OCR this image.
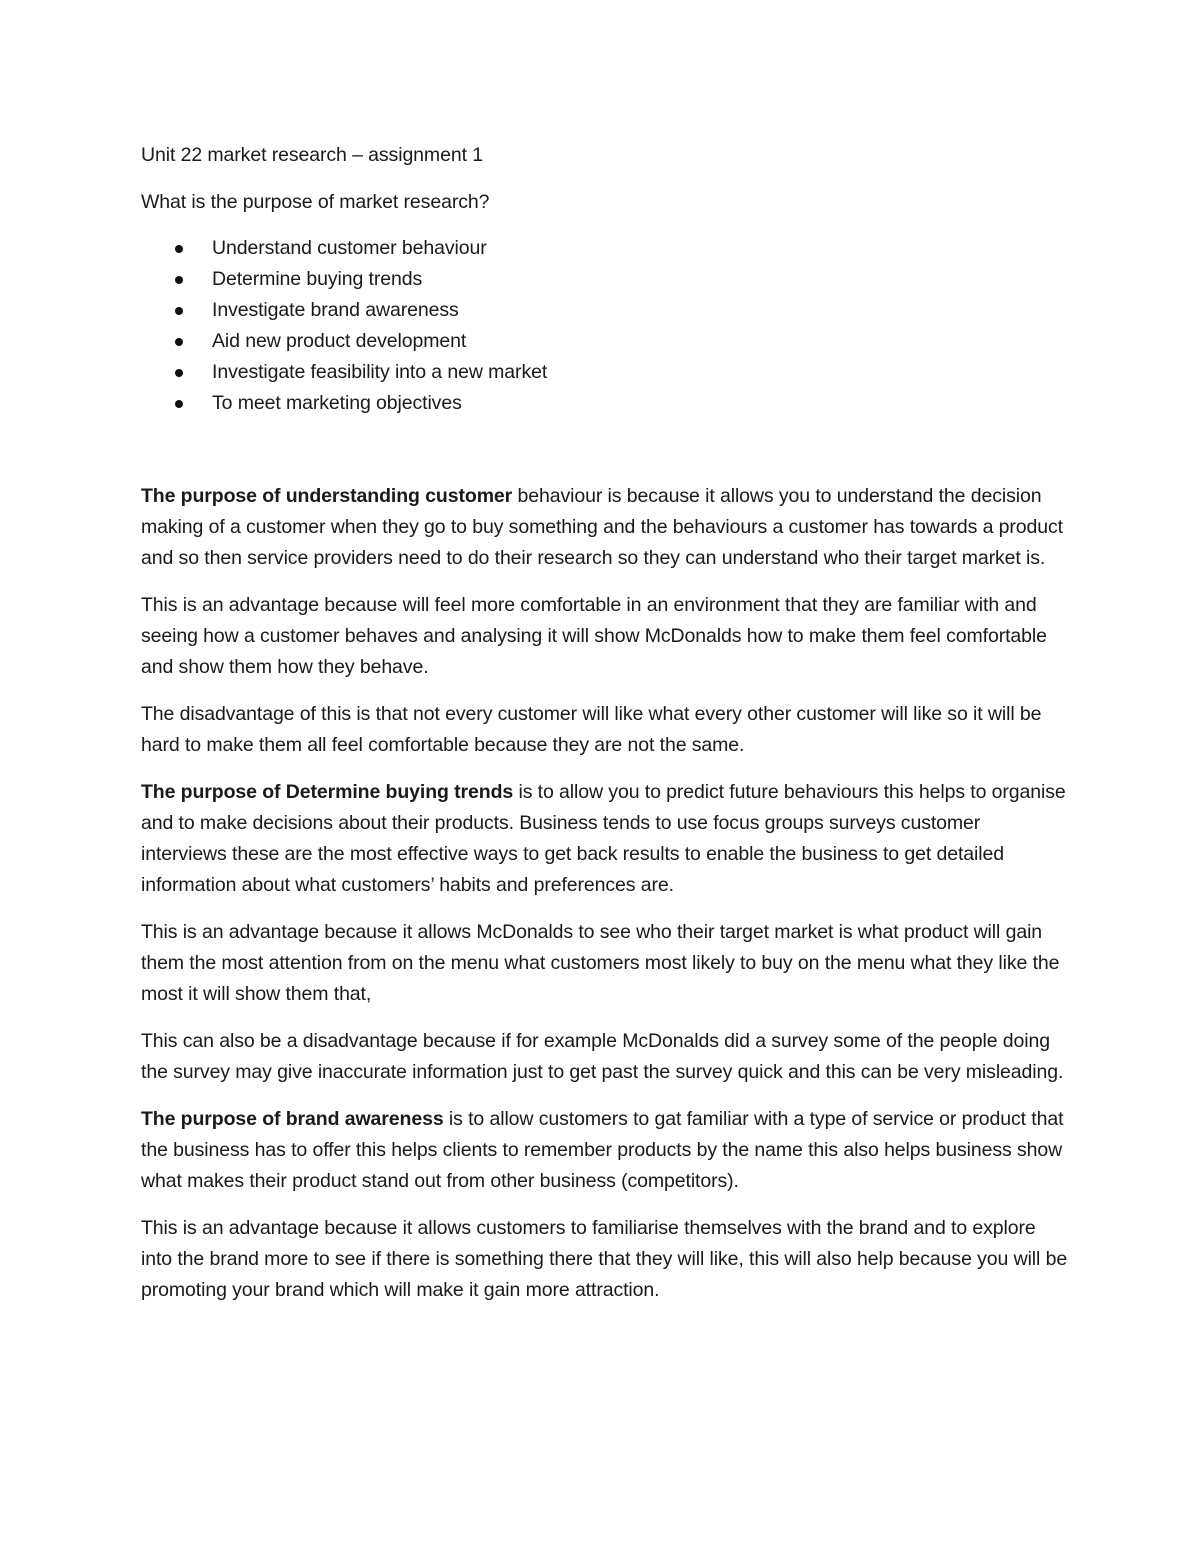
Unit 22 market research – assignment 1

What is the purpose of market research?

Understand customer behaviour
Determine buying trends
Investigate brand awareness
Aid new product development
Investigate feasibility into a new market
To meet marketing objectives

The purpose of understanding customer behaviour is because it allows you to understand the decision making of a customer when they go to buy something and the behaviours a customer has towards a product and so then service providers need to do their research so they can understand who their target market is.

This is an advantage because will feel more comfortable in an environment that they are familiar with and seeing how a customer behaves and analysing it will show McDonalds how to make them feel comfortable and show them how they behave.

The disadvantage of this is that not every customer will like what every other customer will like so it will be hard to make them all feel comfortable because they are not the same.

The purpose of Determine buying trends is to allow you to predict future behaviours this helps to organise and to make decisions about their products. Business tends to use focus groups surveys customer interviews these are the most effective ways to get back results to enable the business to get detailed information about what customers’ habits and preferences are.

This is an advantage because it allows McDonalds to see who their target market is what product will gain them the most attention from on the menu what customers most likely to buy on the menu what they like the most it will show them that,

This can also be a disadvantage because if for example McDonalds did a survey some of the people doing the survey may give inaccurate information just to get past the survey quick and this can be very misleading.

The purpose of brand awareness is to allow customers to gat familiar with a type of service or product that the business has to offer this helps clients to remember products by the name this also helps business show what makes their product stand out from other business (competitors).

This is an advantage because it allows customers to familiarise themselves with the brand and to explore into the brand more to see if there is something there that they will like, this will also help because you will be promoting your brand which will make it gain more attraction.
